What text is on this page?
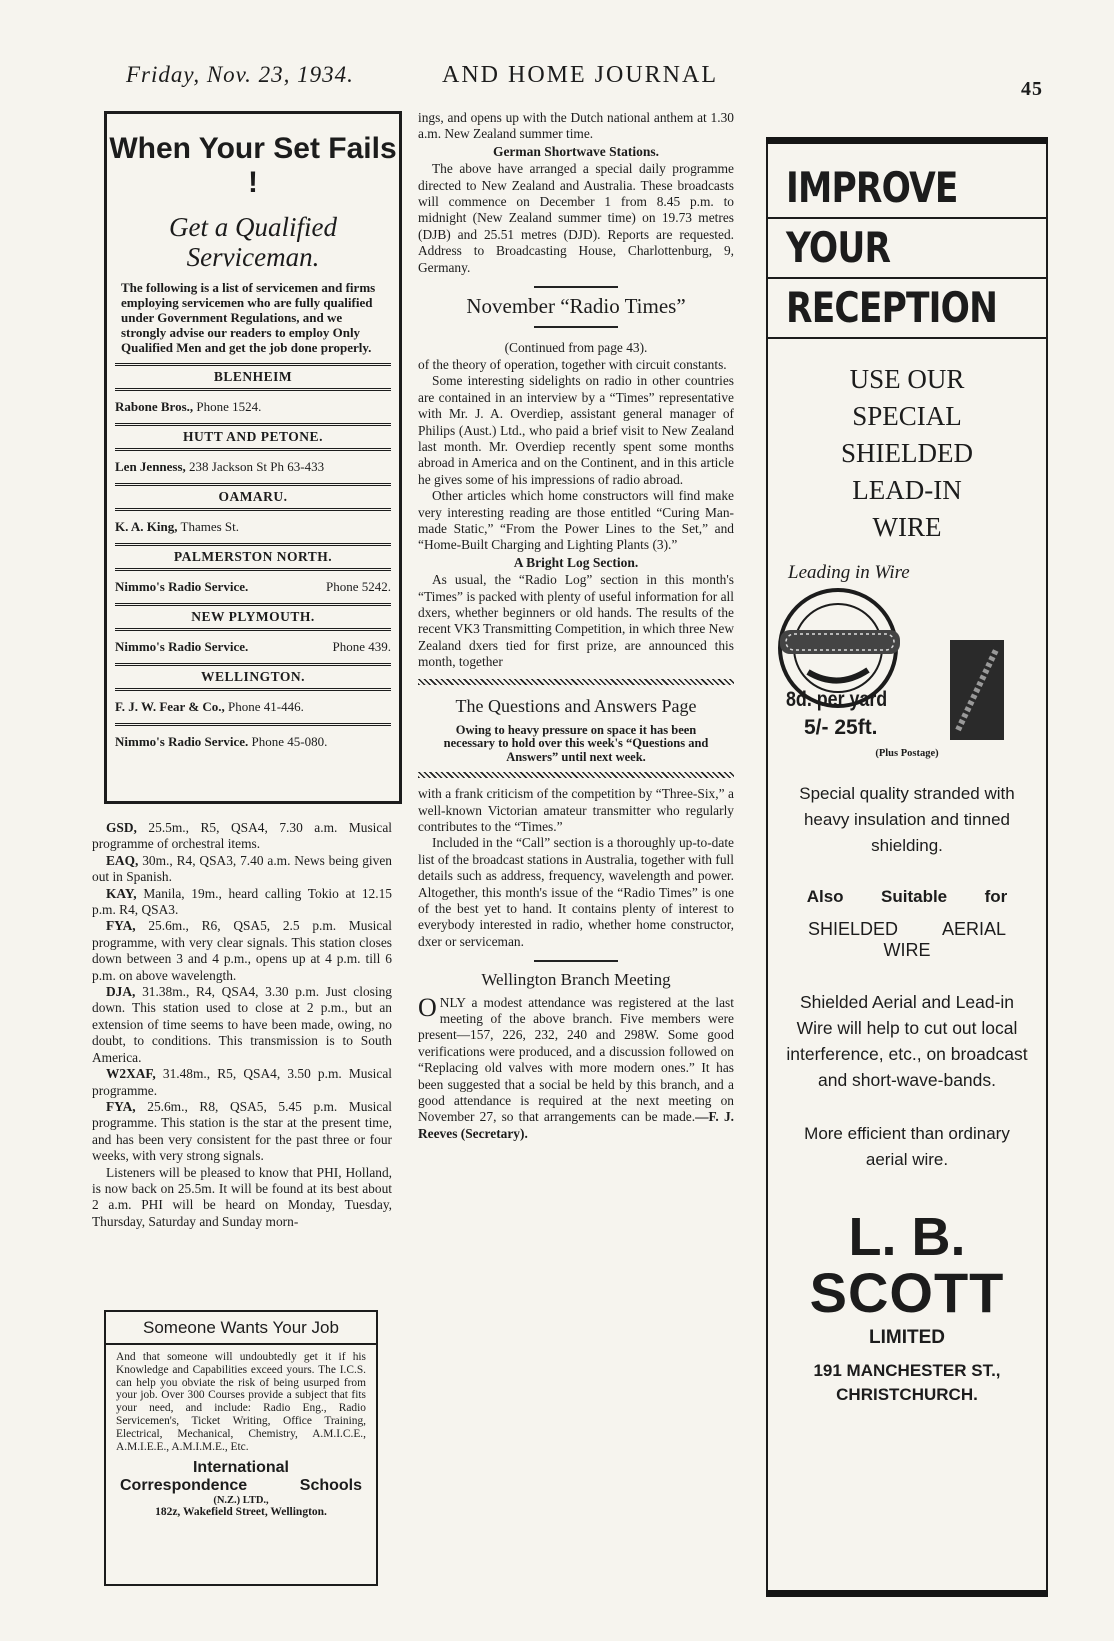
Friday, Nov. 23, 1934.	AND HOME JOURNAL
45
When Your Set Fails !
Get a Qualified Serviceman.
The following is a list of servicemen and firms employing servicemen who are fully qualified under Government Regulations, and we strongly advise our readers to employ Only Qualified Men and get the job done properly.
BLENHEIM
Rabone Bros., Phone 1524.
HUTT AND PETONE.
Len Jenness, 238 Jackson St Ph 63-433
OAMARU.
K. A. King, Thames St.
PALMERSTON NORTH.
Nimmo's Radio Service.	Phone 5242.
NEW PLYMOUTH.
Nimmo's Radio Service.	Phone 439.
WELLINGTON.
F. J. W. Fear & Co., Phone 41-446.
Nimmo's Radio Service. Phone 45-080.

GSD, 25.5m., R5, QSA4, 7.30 a.m. Musical programme of orchestral items.

EAQ, 30m., R4, QSA3, 7.40 a.m. News being given out in Spanish.

KAY, Manila, 19m., heard calling Tokio at 12.15 p.m. R4, QSA3.

FYA, 25.6m., R6, QSA5, 2.5 p.m. Musical programme, with very clear signals. This station closes down between 3 and 4 p.m., opens up at 4 p.m. till 6 p.m. on above wavelength.

DJA, 31.38m., R4, QSA4, 3.30 p.m. Just closing down. This station used to close at 2 p.m., but an extension of time seems to have been made, owing, no doubt, to conditions. This transmission is to South America.

W2XAF, 31.48m., R5, QSA4, 3.50 p.m. Musical programme.

FYA, 25.6m., R8, QSA5, 5.45 p.m. Musical programme. This station is the star at the present time, and has been very consistent for the past three or four weeks, with very strong signals.

Listeners will be pleased to know that PHI, Holland, is now back on 25.5m. It will be found at its best about 2 a.m. PHI will be heard on Monday, Tuesday, Thursday, Saturday and Sunday morn-

Someone Wants Your Job
And that someone will undoubtedly get it if his Knowledge and Capabilities exceed yours. The I.C.S. can help you obviate the risk of being usurped from your job. Over 300 Courses provide a subject that fits your need, and include: Radio Eng., Radio Servicemen's, Ticket Writing, Office Training, Electrical, Mechanical, Chemistry, A.M.I.C.E., A.M.I.E.E., A.M.I.M.E., Etc.
International
Correspondence	Schools
(N.Z.) LTD.,
182z, Wakefield Street, Wellington.

ings, and opens up with the Dutch national anthem at 1.30 a.m. New Zealand summer time.

German Shortwave Stations.

The above have arranged a special daily programme directed to New Zealand and Australia. These broadcasts will commence on December 1 from 8.45 p.m. to midnight (New Zealand summer time) on 19.73 metres (DJB) and 25.51 metres (DJD). Reports are requested. Address to Broadcasting House, Charlottenburg, 9, Germany.

November “Radio Times”
(Continued from page 43).

of the theory of operation, together with circuit constants.

Some interesting sidelights on radio in other countries are contained in an interview by a “Times” representative with Mr. J. A. Overdiep, assistant general manager of Philips (Aust.) Ltd., who paid a brief visit to New Zealand last month. Mr. Overdiep recently spent some months abroad in America and on the Continent, and in this article he gives some of his impressions of radio abroad.

Other articles which home constructors will find make very interesting reading are those entitled “Curing Man-made Static,” “From the Power Lines to the Set,” and “Home-Built Charging and Lighting Plants (3).”

A Bright Log Section.

As usual, the “Radio Log” section in this month's “Times” is packed with plenty of useful information for all dxers, whether beginners or old hands. The results of the recent VK3 Transmitting Competition, in which three New Zealand dxers tied for first prize, are announced this month, together

The Questions and Answers Page
Owing to heavy pressure on space it has been necessary to hold over this week's “Questions and Answers” until next week.

with a frank criticism of the competition by “Three-Six,” a well-known Victorian amateur transmitter who regularly contributes to the “Times.”

Included in the “Call” section is a thoroughly up-to-date list of the broadcast stations in Australia, together with full details such as address, frequency, wavelength and power. Altogether, this month's issue of the “Radio Times” is one of the best yet to hand. It contains plenty of interest to everybody interested in radio, whether home constructor, dxer or serviceman.

Wellington Branch Meeting

ONLY a modest attendance was registered at the last meeting of the above branch. Five members were present—157, 226, 232, 240 and 298W. Some good verifications were produced, and a discussion followed on “Replacing old valves with more modern ones.” It has been suggested that a social be held by this branch, and a good attendance is required at the next meeting on November 27, so that arrangements can be made.—F. J. Reeves (Secretary).

IMPROVE
YOUR
RECEPTION
USE OUR
SPECIAL
SHIELDED
LEAD-IN
WIRE
Leading in Wire
8d. per yard
5/- 25ft.
(Plus Postage)
Special quality stranded with heavy insulation and tinned shielding.
Also Suitable for
SHIELDED AERIAL
WIRE
Shielded Aerial and Lead-in Wire will help to cut out local interference, etc., on broadcast and short-wave-bands.
More efficient than ordinary aerial wire.
L. B.
SCOTT
LIMITED
191 MANCHESTER ST.,
CHRISTCHURCH.
